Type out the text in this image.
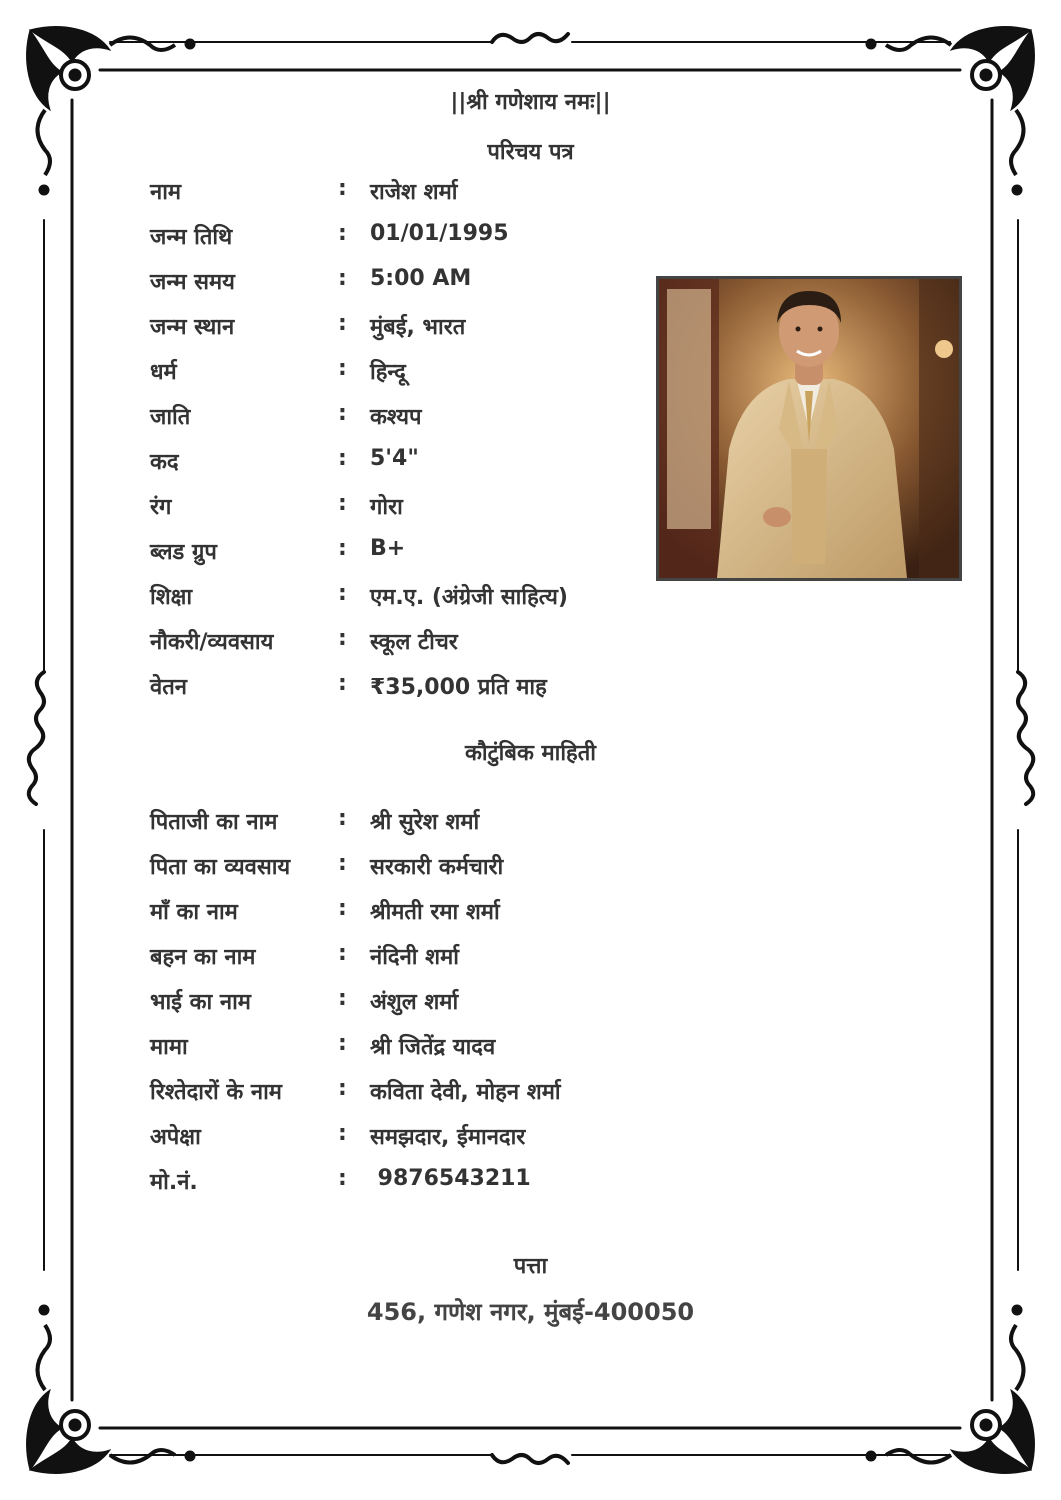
||श्री गणेशाय नमः||
परिचय पत्र
नाम	: राजेश शर्मा
जन्म तिथि	: 01/01/1995
जन्म समय	: 5:00 AM
जन्म स्थान	: मुंबई, भारत
धर्म	: हिन्दू
जाति	: कश्यप
कद	: 5'4"
रंग	: गोरा
ब्लड ग्रुप	: B+
शिक्षा	: एम.ए. (अंग्रेजी साहित्य)
नौकरी/व्यवसाय	: स्कूल टीचर
वेतन	: ₹35,000 प्रति माह
कौटुंबिक माहिती
पिताजी का नाम	: श्री सुरेश शर्मा
पिता का व्यवसाय : सरकारी कर्मचारी
माँ का नाम	: श्रीमती रमा शर्मा
बहन का नाम	: नंदिनी शर्मा
भाई का नाम	: अंशुल शर्मा
मामा	: श्री जितेंद्र यादव
रिश्तेदारों के नाम	: कविता देवी, मोहन शर्मा
अपेक्षा	: समझदार, ईमानदार
मो.नं.	: 9876543211
पत्ता
456, गणेश नगर, मुंबई-400050
